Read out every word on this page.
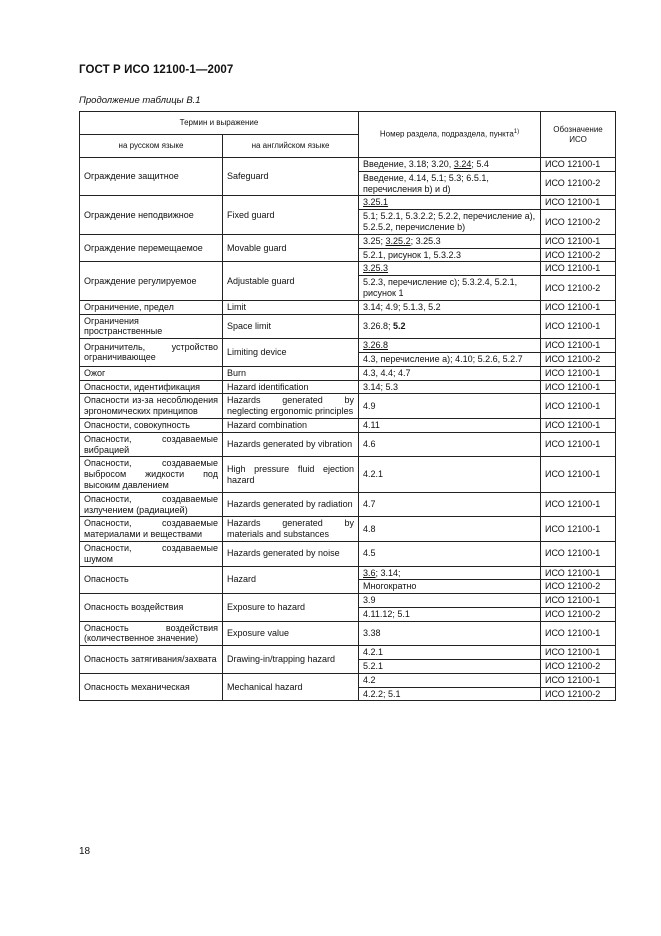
ГОСТ Р ИСО 12100-1—2007
Продолжение таблицы В.1
Термин и выражение		Номер раздела, подраздела, пункта$^{1)}$	Обозначение ИСО
на русском языке	на английском языке		
Ограждение защитное	Safeguard	Введение, 3.18; 3.20, 3.24; 5.4	ИСО 12100-1
		Введение, 4.14, 5.1; 5.3; 6.5.1, перечисления b) и d)	ИСО 12100-2
Ограждение неподвижное	Fixed guard	3.25.1	ИСО 12100-1
		5.1; 5.2.1, 5.3.2.2; 5.2.2, перечисление а), 5.2.5.2, перечисление b)	ИСО 12100-2
Ограждение перемещаемое	Movable guard	3.25; 3.25.2; 3.25.3	ИСО 12100-1
		5.2.1, рисунок 1, 5.3.2.3	ИСО 12100-2
Ограждение регулируемое	Adjustable guard	3.25.3	ИСО 12100-1
		5.2.3, перечисление с); 5.3.2.4, 5.2.1, рисунок 1	ИСО 12100-2
Ограничение, предел	Limit	3.14; 4.9; 5.1.3, 5.2	ИСО 12100-1
Ограничения пространственные	Space limit	3.26.8; 5.2	ИСО 12100-1
Ограничитель, устройство ограничивающее	Limiting device	3.26.8	ИСО 12100-1
		4.3, перечисление а); 4.10; 5.2.6, 5.2.7	ИСО 12100-2
Ожог	Burn	4.3, 4.4; 4.7	ИСО 12100-1
Опасности, идентификация	Hazard identification	3.14; 5.3	ИСО 12100-1
Опасности из-за несоблюдения эргономических принципов	Hazards generated by neglecting ergonomic principles	4.9	ИСО 12100-1
Опасности, совокупность	Hazard combination	4.11	ИСО 12100-1
Опасности, создаваемые вибрацией	Hazards generated by vibration	4.6	ИСО 12100-1
Опасности, создаваемые выбросом жидкости под высоким давлением	High pressure fluid ejection hazard	4.2.1	ИСО 12100-1
Опасности, создаваемые излучением (радиацией)	Hazards generated by radiation	4.7	ИСО 12100-1
Опасности, создаваемые материалами и веществами	Hazards generated by materials and substances	4.8	ИСО 12100-1
Опасности, создаваемые шумом	Hazards generated by noise	4.5	ИСО 12100-1
Опасность	Hazard	3.6; 3.14;	ИСО 12100-1
		Многократно	ИСО 12100-2
Опасность воздействия	Exposure to hazard	3.9	ИСО 12100-1
		4.11.12; 5.1	ИСО 12100-2
Опасность воздействия (количественное значение)	Exposure value	3.38	ИСО 12100-1
Опасность затягивания/захвата	Drawing-in/trapping hazard	4.2.1	ИСО 12100-1
		5.2.1	ИСО 12100-2
Опасность механическая	Mechanical hazard	4.2	ИСО 12100-1
		4.2.2; 5.1	ИСО 12100-2
18
